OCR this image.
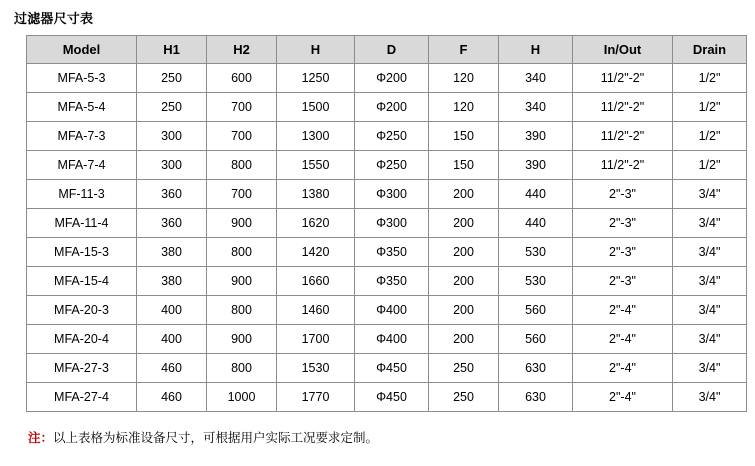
过滤器尺寸表
Model	H1	H2	H	D	F	H	In/Out	Drain
MFA-5-3	250	600	1250	Φ200	120	340	11/2"-2"	1/2"
MFA-5-4	250	700	1500	Φ200	120	340	11/2"-2"	1/2"
MFA-7-3	300	700	1300	Φ250	150	390	11/2"-2"	1/2"
MFA-7-4	300	800	1550	Φ250	150	390	11/2"-2"	1/2"
MF-11-3	360	700	1380	Φ300	200	440	2"-3"	3/4"
MFA-11-4	360	900	1620	Φ300	200	440	2"-3"	3/4"
MFA-15-3	380	800	1420	Φ350	200	530	2"-3"	3/4"
MFA-15-4	380	900	1660	Φ350	200	530	2"-3"	3/4"
MFA-20-3	400	800	1460	Φ400	200	560	2"-4"	3/4"
MFA-20-4	400	900	1700	Φ400	200	560	2"-4"	3/4"
MFA-27-3	460	800	1530	Φ450	250	630	2"-4"	3/4"
MFA-27-4	460	1000	1770	Φ450	250	630	2"-4"	3/4"
注：以上表格为标准设备尺寸，可根据用户实际工况要求定制。
